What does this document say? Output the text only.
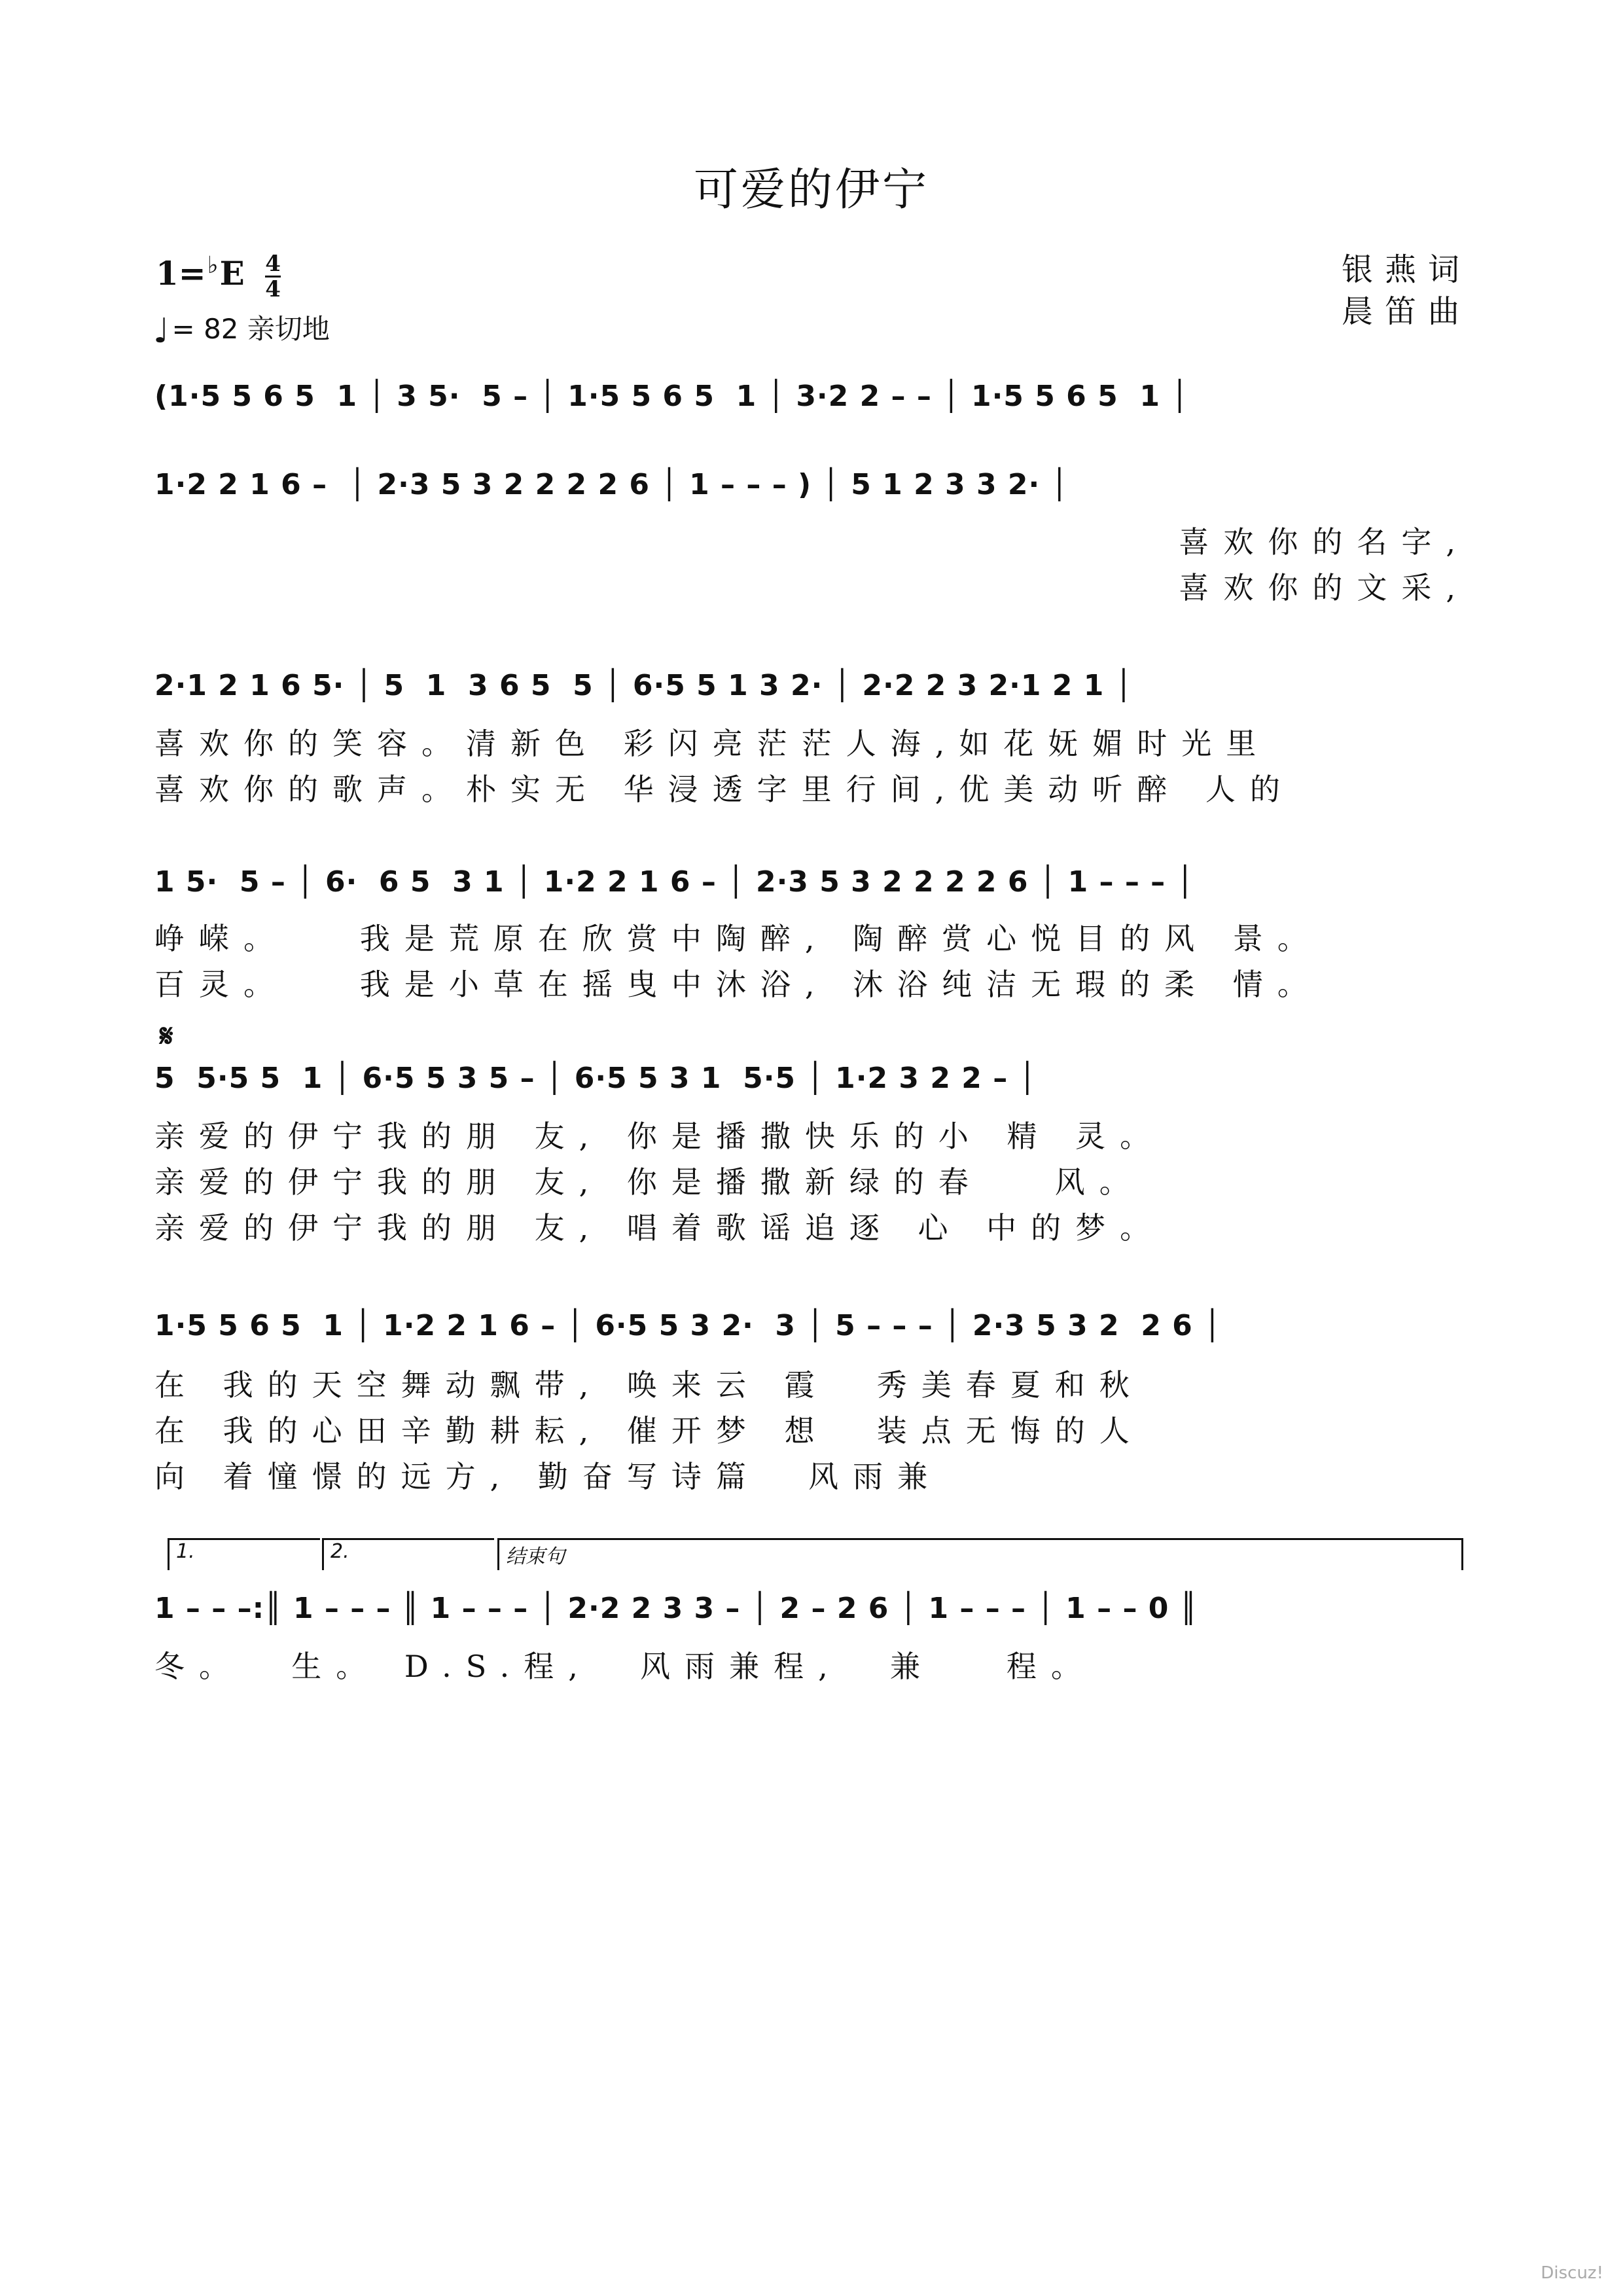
可爱的伊宁
$1=^♭E \frac{4}{4}$
♩= 82 亲切地
银燕词
晨笛曲
(1·5 5 6 5  1 │ 3 5·  5 – │ 1·5 5 6 5  1 │ 3·2 2 – – │ 1·5 5 6 5  1 │
1·2 2 1 6 –  │ 2·3 5 3 2 2 2 2 6 │ 1 – – – ) │ 5 1 2 3 3 2· │
喜欢你的名字,
喜欢你的文采,
2·1 2 1 6 5· │ 5  1  3 6 5  5 │ 6·5 5 1 3 2· │ 2·2 2 3 2·1 2 1 │
喜欢你的笑容。清新色 彩闪亮茫茫人海,如花妩媚时光里
喜欢你的歌声。朴实无 华浸透字里行间,优美动听醉 人的
1 5·  5 – │ 6·  6 5  3 1 │ 1·2 2 1 6 – │ 2·3 5 3 2 2 2 2 6 │ 1 – – – │
峥嵘。   我是荒原在欣赏中陶醉, 陶醉赏心悦目的风 景。
百灵。   我是小草在摇曳中沐浴, 沐浴纯洁无瑕的柔 情。
𝄋
5  5·5 5  1 │ 6·5 5 3 5 – │ 6·5 5 3 1  5·5 │ 1·2 3 2 2 – │
亲爱的伊宁我的朋 友, 你是播撒快乐的小 精 灵。
亲爱的伊宁我的朋 友, 你是播撒新绿的春   风。
亲爱的伊宁我的朋 友, 唱着歌谣追逐 心 中的梦。
1·5 5 6 5  1 │ 1·2 2 1 6 – │ 6·5 5 3 2·  3 │ 5 – – – │ 2·3 5 3 2  2 6 │
在 我的天空舞动飘带, 唤来云 霞  秀美春夏和秋
在 我的心田辛勤耕耘, 催开梦 想  装点无悔的人
向 着憧憬的远方, 勤奋写诗篇  风雨兼
1.	2.	结束句
1 – – –:║ 1 – – – ║ 1 – – – │ 2·2 2 3 3 – │ 2 – 2 6 │ 1 – – – │ 1 – – 0 ║
冬。  生。 D.S.程,  风雨兼程,  兼   程。
Discuz!
